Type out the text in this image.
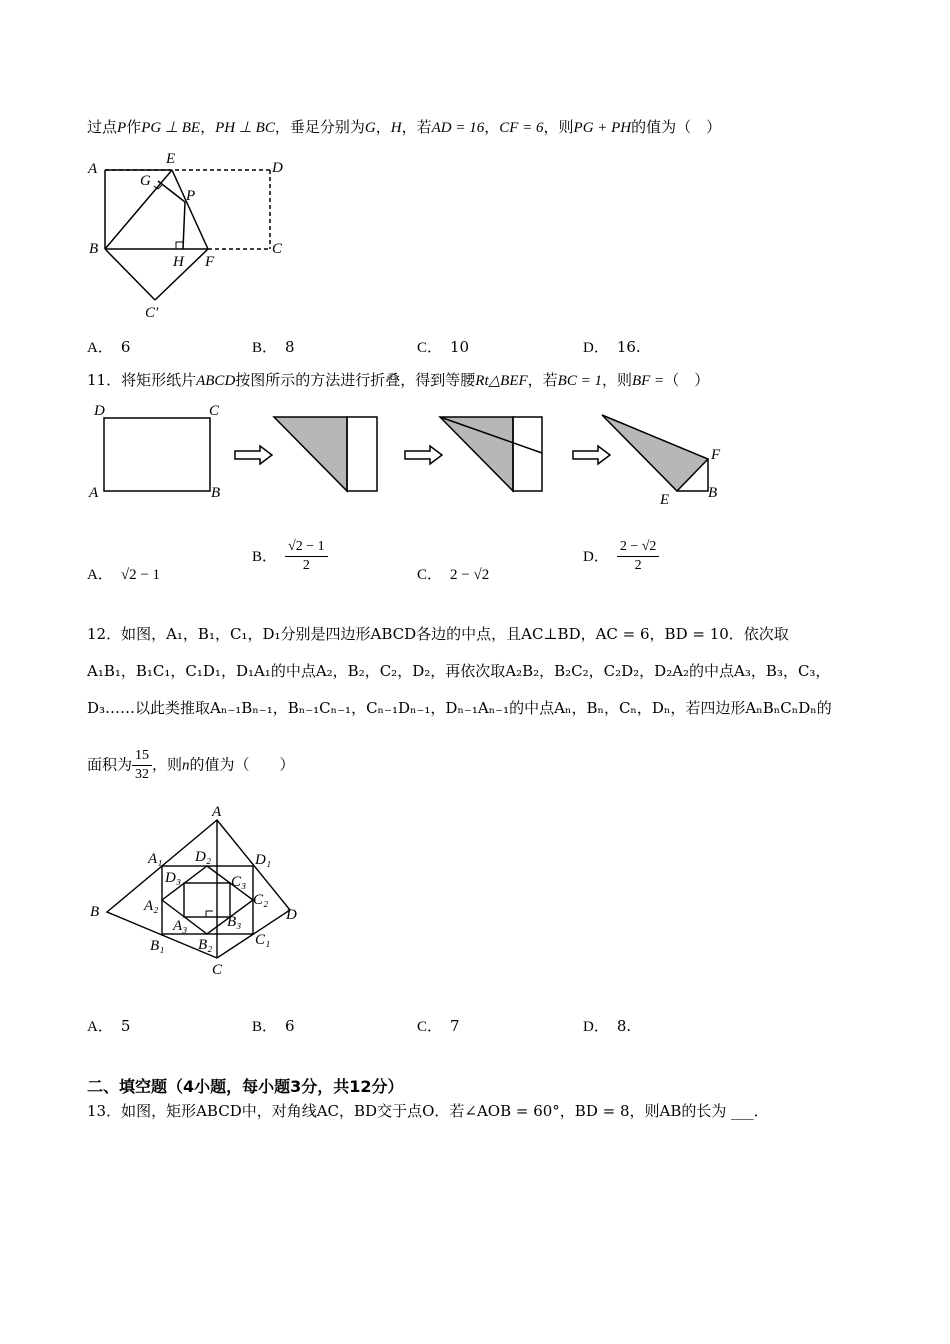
过点P作PG ⊥ BE，PH ⊥ BC，垂足分别为G，H，若AD = 16，CF = 6，则PG + PH的值为（　）
A
E
D
G
P
B
H F
C
C′
A． 6	B． 8	C． 10	D． 16.
11．将矩形纸片ABCD按图所示的方法进行折叠，得到等腰Rt△BEF，若BC = 1，则BF =（　）
D	C
A	B
F
E	B
A． √2 − 1
B． $\frac{√2 - 1}{2}$	C． 2 − √2
D． $\frac{2 - √2}{2}$
12．如图，A₁，B₁，C₁，D₁分别是四边形ABCD各边的中点，且AC⊥BD，AC = 6，BD = 10．依次取
A₁B₁，B₁C₁，C₁D₁，D₁A₁的中点A₂，B₂，C₂，D₂，再依次取A₂B₂，B₂C₂，C₂D₂，D₂A₂的中点A₃，B₃，C₃，
D₃……以此类推取Aₙ₋₁Bₙ₋₁，Bₙ₋₁Cₙ₋₁，Cₙ₋₁Dₙ₋₁，Dₙ₋₁Aₙ₋₁的中点Aₙ，Bₙ，Cₙ，Dₙ，若四边形AₙBₙCₙDₙ的
面积为 $\frac{15}{32}$ ，则n的值为（　　）
A
B
C
D
A₁
B₁	C₁
D₁
A₂
B₂
C₂
D₂
A₃	B₃
C₃
D₃
A． 5	B． 6	C． 7	D． 8.
二、填空题（4小题，每小题3分，共12分）
13．如图，矩形ABCD中，对角线AC，BD交于点O．若∠AOB = 60°，BD = 8，则AB的长为 ___．
